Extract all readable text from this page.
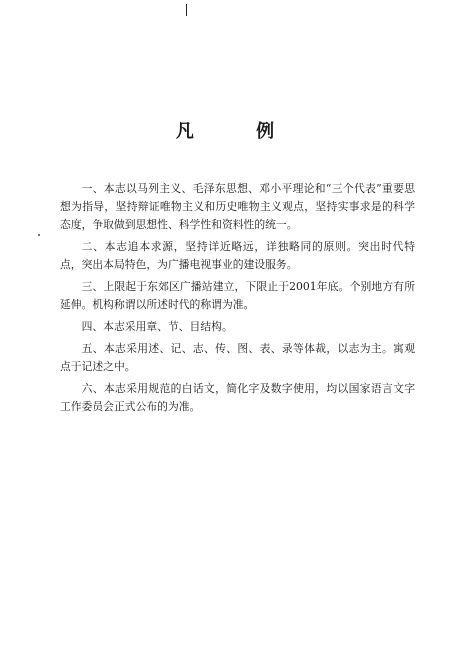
凡 例

一、本志以马列主义、毛泽东思想、邓小平理论和“三个代表”重要思想为指导，坚持辩证唯物主义和历史唯物主义观点，坚持实事求是的科学态度，争取做到思想性、科学性和资料性的统一。

二、本志追本求源，坚持详近略远，详独略同的原则。突出时代特点，突出本局特色，为广播电视事业的建设服务。

三、上限起于东郊区广播站建立，下限止于2001年底。个别地方有所延伸。机构称谓以所述时代的称谓为准。

四、本志采用章、节、目结构。

五、本志采用述、记、志、传、图、表、录等体裁，以志为主。寓观点于记述之中。

六、本志采用规范的白话文，简化字及数字使用，均以国家语言文字工作委员会正式公布的为准。
